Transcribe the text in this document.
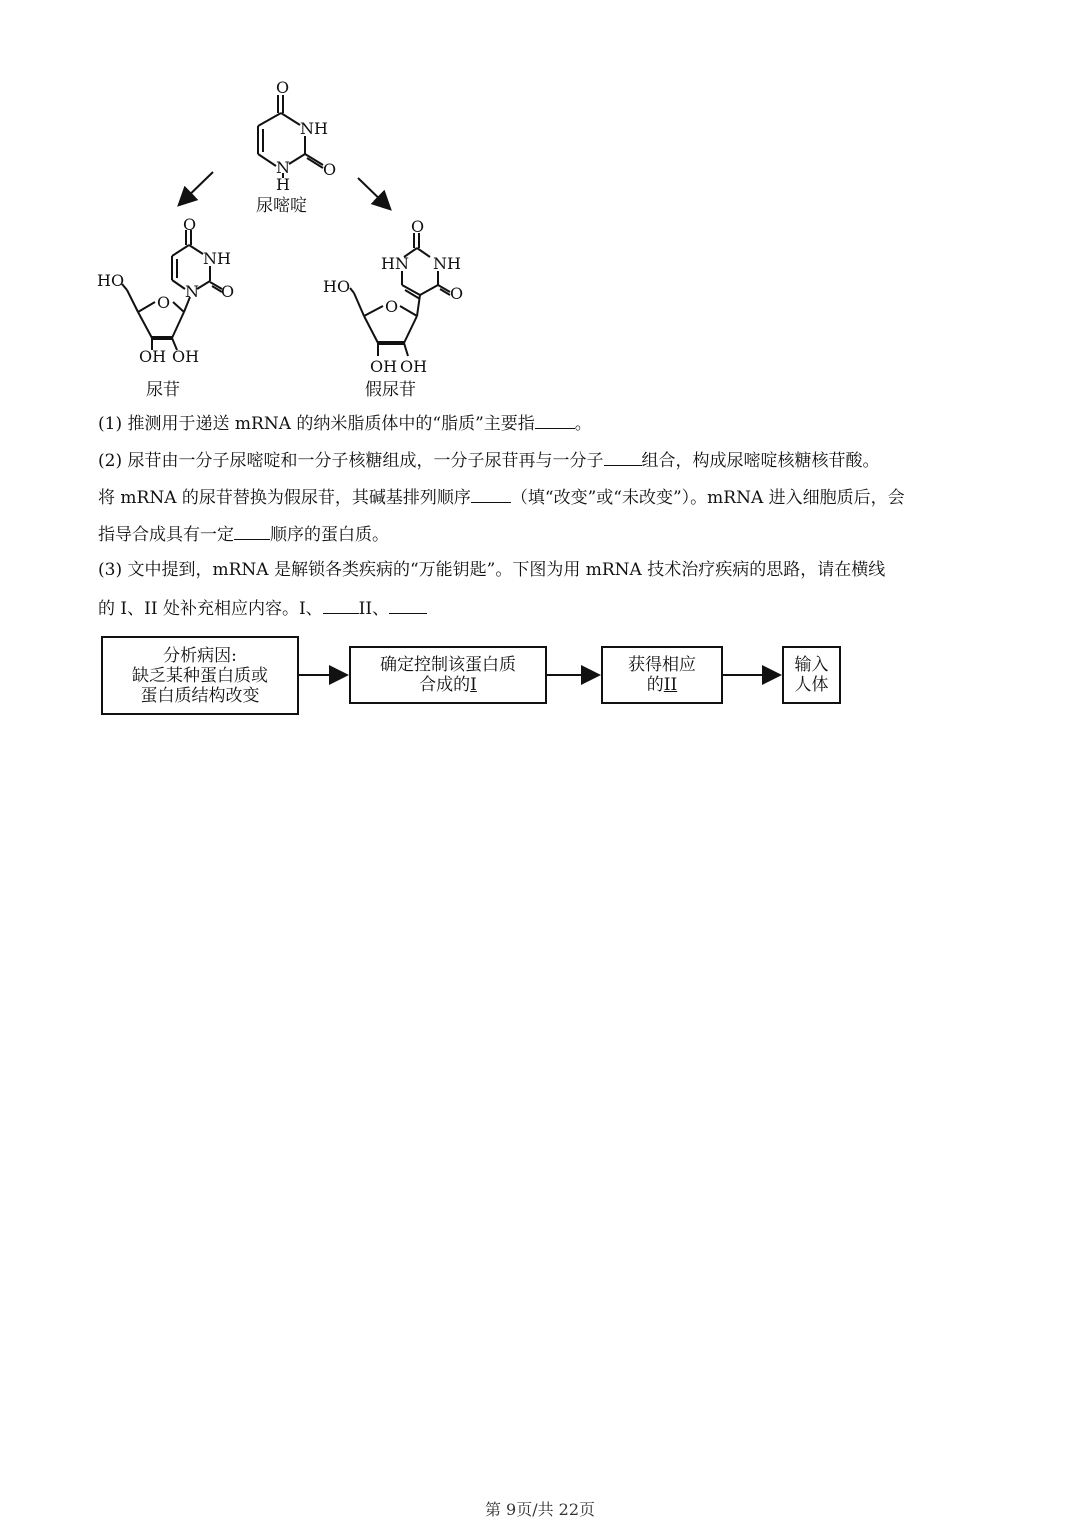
O
NH
O
N
H
尿嘧啶
O
NH
N O
HO
O
OH OH
尿苷
O
HN NH
O
HO
O
OH OH
假尿苷
(1) 推测用于递送 mRNA 的纳米脂质体中的“脂质”主要指 。
(2) 尿苷由一分子尿嘧啶和一分子核糖组成，一分子尿苷再与一分子 组合，构成尿嘧啶核糖核苷酸。
将 mRNA 的尿苷替换为假尿苷，其碱基排列顺序 （填“改变”或“未改变”）。mRNA 进入细胞质后，会
指导合成具有一定 顺序的蛋白质。
(3) 文中提到，mRNA 是解锁各类疾病的“万能钥匙”。下图为用 mRNA 技术治疗疾病的思路，请在横线
的 I、II 处补充相应内容。I、 II、
分析病因:
缺乏某种蛋白质或
蛋白质结构改变
确定控制该蛋白质
合成的I
获得相应
的II
输入
人体
第 9页/共 22页
